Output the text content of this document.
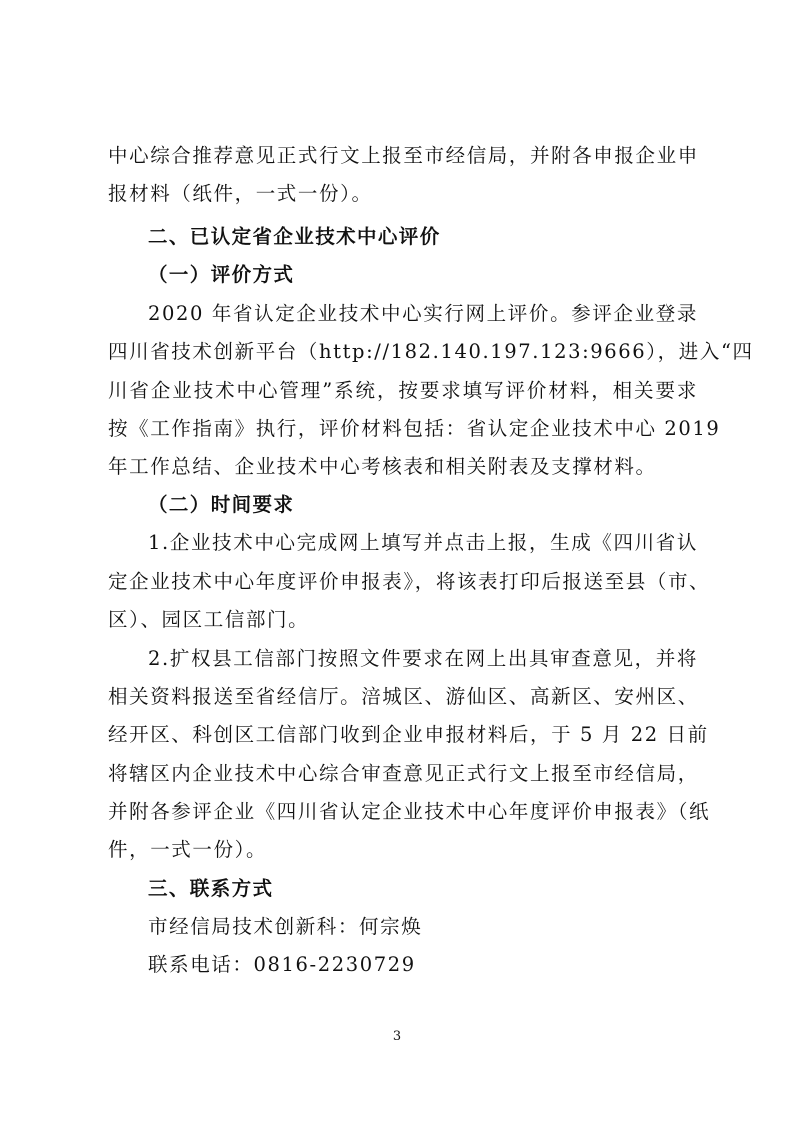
中心综合推荐意见正式行文上报至市经信局，并附各申报企业申
报材料（纸件，一式一份）。
二、已认定省企业技术中心评价
（一）评价方式
2020 年省认定企业技术中心实行网上评价。参评企业登录
四川省技术创新平台（http://182.140.197.123:9666），进入“四
川省企业技术中心管理”系统，按要求填写评价材料，相关要求
按《工作指南》执行，评价材料包括：省认定企业技术中心 2019
年工作总结、企业技术中心考核表和相关附表及支撑材料。
（二）时间要求
1.企业技术中心完成网上填写并点击上报，生成《四川省认
定企业技术中心年度评价申报表》，将该表打印后报送至县（市、
区）、园区工信部门。
2.扩权县工信部门按照文件要求在网上出具审查意见，并将
相关资料报送至省经信厅。涪城区、游仙区、高新区、安州区、
经开区、科创区工信部门收到企业申报材料后，于 5 月 22 日前
将辖区内企业技术中心综合审查意见正式行文上报至市经信局，
并附各参评企业《四川省认定企业技术中心年度评价申报表》（纸
件，一式一份）。
三、联系方式
市经信局技术创新科：何宗焕
联系电话：0816-2230729
3
